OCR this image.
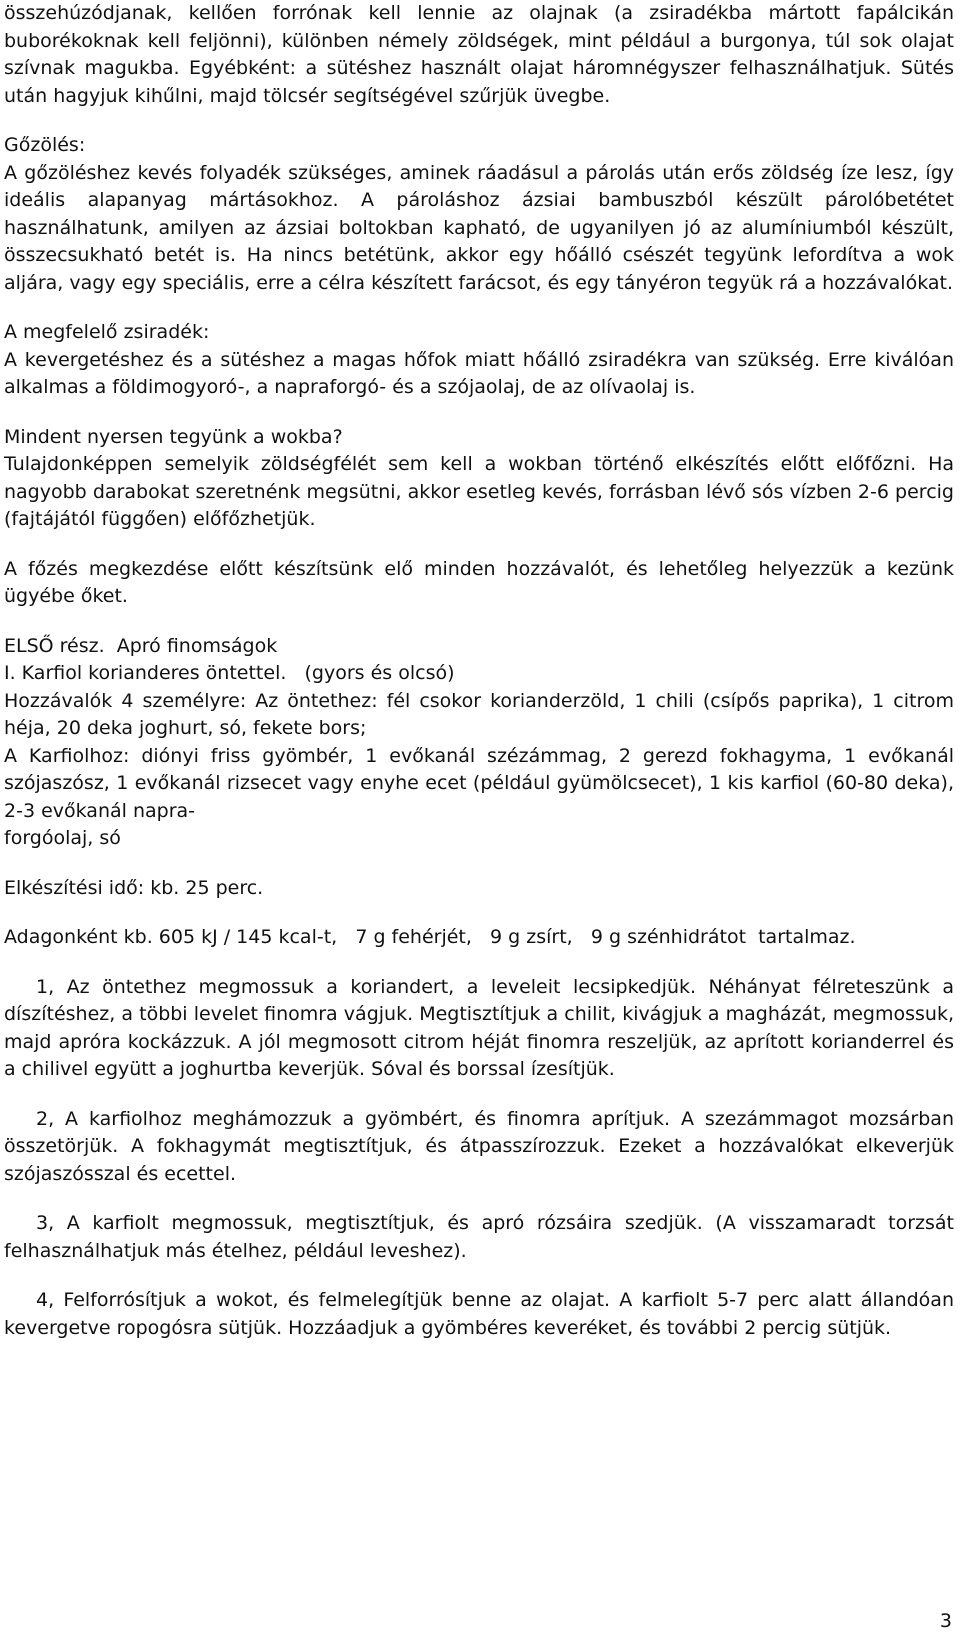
összehúzódjanak, kellően forrónak kell lennie az olajnak (a zsiradékba mártott fapálcikán buborékoknak kell feljönni), különben némely zöldségek, mint például a burgonya, túl sok olajat szívnak magukba. Egyébként: a sütéshez használt olajat háromnégyszer felhasználhatjuk. Sütés után hagyjuk kihűlni, majd tölcsér segítségével szűrjük üvegbe.

Gőzölés:

A gőzöléshez kevés folyadék szükséges, aminek ráadásul a párolás után erős zöldség íze lesz, így ideális alapanyag mártásokhoz. A pároláshoz ázsiai bambuszból készült párolóbetétet használhatunk, amilyen az ázsiai boltokban kapható, de ugyanilyen jó az alumíniumból készült, összecsukható betét is. Ha nincs betétünk, akkor egy hőálló csészét tegyünk lefordítva a wok aljára, vagy egy speciális, erre a célra készített farácsot, és egy tányéron tegyük rá a hozzávalókat.

A megfelelő zsiradék:

A kevergetéshez és a sütéshez a magas hőfok miatt hőálló zsiradékra van szükség. Erre kiválóan alkalmas a földimogyoró-, a napraforgó- és a szójaolaj, de az olívaolaj is.

Mindent nyersen tegyünk a wokba?

Tulajdonképpen semelyik zöldségfélét sem kell a wokban történő elkészítés előtt előfőzni. Ha nagyobb darabokat szeretnénk megsütni, akkor esetleg kevés, forrásban lévő sós vízben 2-6 percig (fajtájától függően) előfőzhetjük.

A főzés megkezdése előtt készítsünk elő minden hozzávalót, és lehetőleg helyezzük a kezünk ügyébe őket.

ELSŐ rész.  Apró finomságok

I. Karfiol korianderes öntettel.   (gyors és olcsó)

Hozzávalók 4 személyre: Az öntethez: fél csokor korianderzöld, 1 chili (csípős paprika), 1 citrom héja, 20 deka joghurt, só, fekete bors;

A Karfiolhoz: diónyi friss gyömbér, 1 evőkanál szézámmag, 2 gerezd fokhagyma, 1 evőkanál szójaszósz, 1 evőkanál rizsecet vagy enyhe ecet (például gyümölcsecet), 1 kis karfiol (60-80 deka), 2-3 evőkanál napra-

forgóolaj, só

Elkészítési idő: kb. 25 perc.

Adagonként kb. 605 kJ / 145 kcal-t,   7 g fehérjét,   9 g zsírt,   9 g szénhidrátot  tartalmaz.

1, Az öntethez megmossuk a koriandert, a leveleit lecsipkedjük. Néhányat félreteszünk a díszítéshez, a többi levelet finomra vágjuk. Megtisztítjuk a chilit, kivágjuk a magházát, megmossuk, majd apróra kockázzuk. A jól megmosott citrom héját finomra reszeljük, az aprított korianderrel és a chilivel együtt a joghurtba keverjük. Sóval és borssal ízesítjük.

2, A karfiolhoz meghámozzuk a gyömbért, és finomra aprítjuk. A szezámmagot mozsárban összetörjük. A fokhagymát megtisztítjuk, és átpasszírozzuk. Ezeket a hozzávalókat elkeverjük szójaszósszal és ecettel.

3, A karfiolt megmossuk, megtisztítjuk, és apró rózsáira szedjük. (A visszamaradt torzsát felhasználhatjuk más ételhez, például leveshez).

4, Felforrósítjuk a wokot, és felmelegítjük benne az olajat. A karfiolt 5-7 perc alatt állandóan kevergetve ropogósra sütjük. Hozzáadjuk a gyömbéres keveréket, és további 2 percig sütjük.

3
